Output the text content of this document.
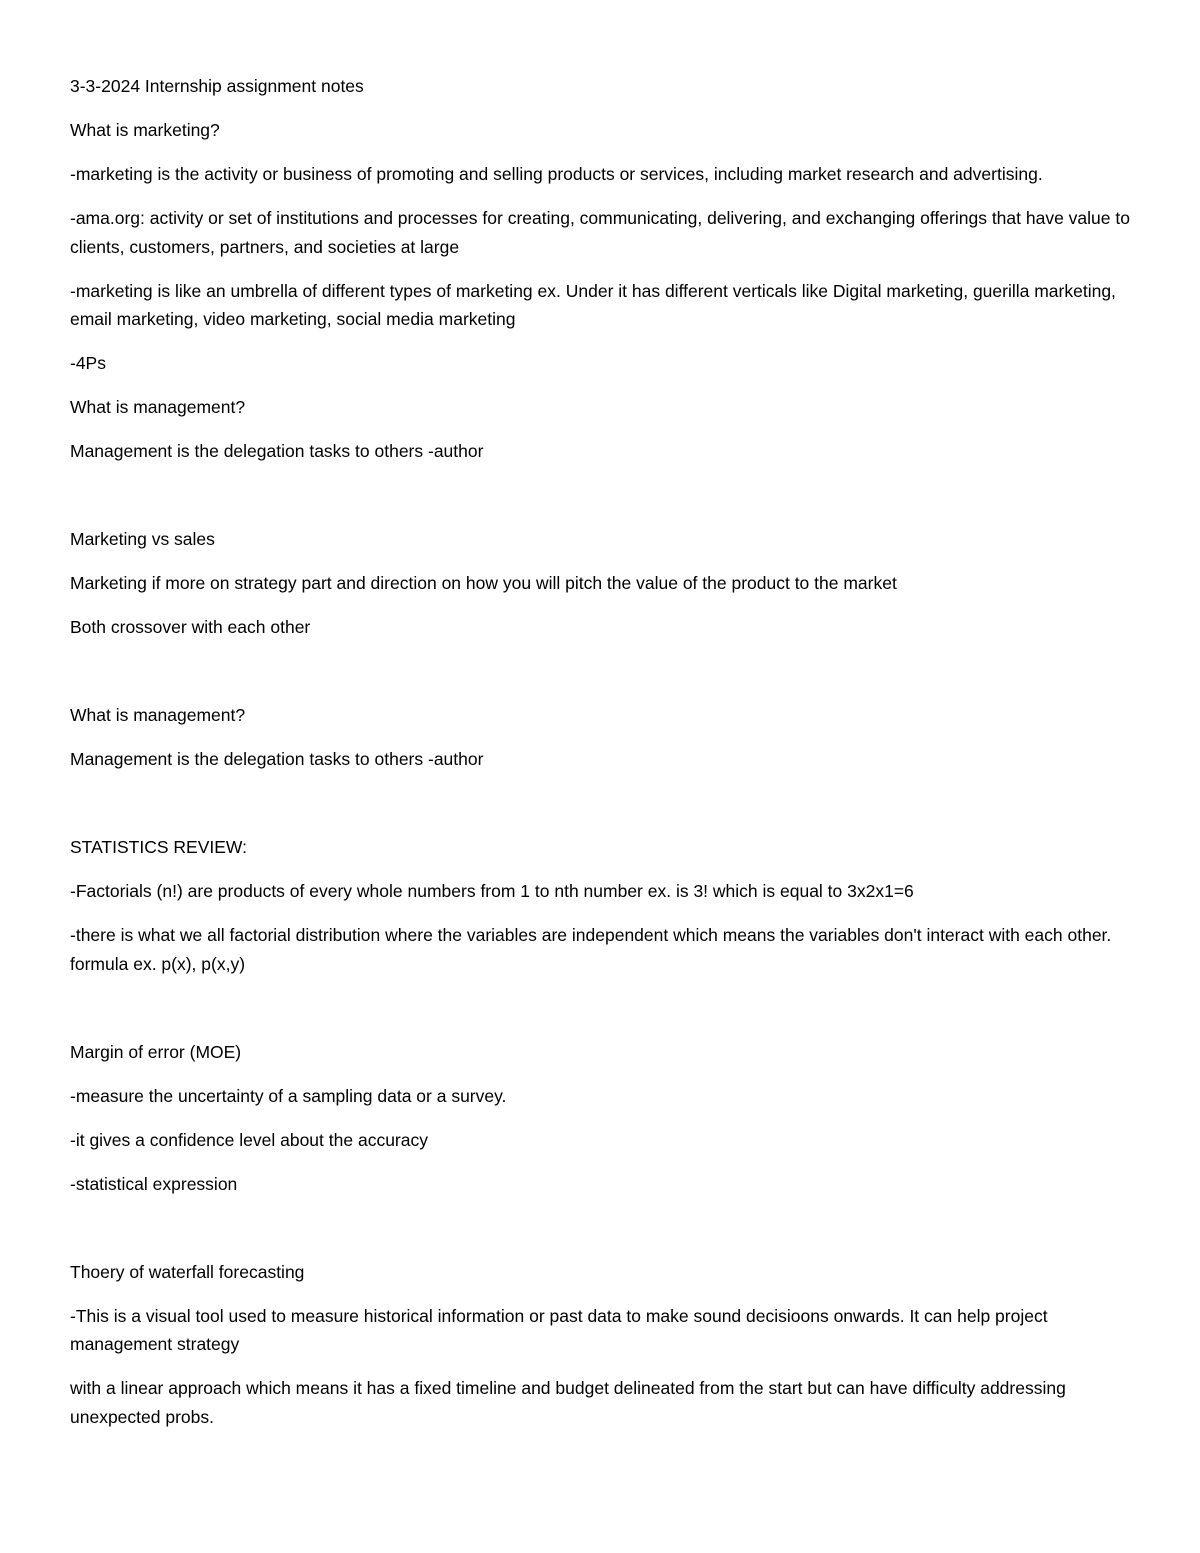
3-3-2024 Internship assignment notes

What is marketing?

-marketing is the activity or business of promoting and selling products or services, including market research and advertising.

-ama.org: activity or set of institutions and processes for creating, communicating, delivering, and exchanging offerings that have value to clients, customers, partners, and societies at large

-marketing is like an umbrella of different types of marketing ex. Under it has different verticals like Digital marketing, guerilla marketing, email marketing, video marketing, social media marketing

-4Ps

What is management?

Management is the delegation tasks to others -author

Marketing vs sales

Marketing if more on strategy part and direction on how you will pitch the value of the product to the market

Both crossover with each other

What is management?

Management is the delegation tasks to others -author

STATISTICS REVIEW:

-Factorials (n!) are products of every whole numbers from 1 to nth number ex. is 3! which is equal to 3x2x1=6

-there is what we all factorial distribution where the variables are independent which means the variables don't interact with each other. formula ex. p(x), p(x,y)

Margin of error (MOE)

-measure the uncertainty of a sampling data or a survey.

-it gives a confidence level about the accuracy

-statistical expression

Thoery of waterfall forecasting

-This is a visual tool used to measure historical information or past data to make sound decisioons onwards. It can help project management strategy

with a linear approach which means it has a fixed timeline and budget delineated from the start but can have difficulty addressing unexpected probs.
